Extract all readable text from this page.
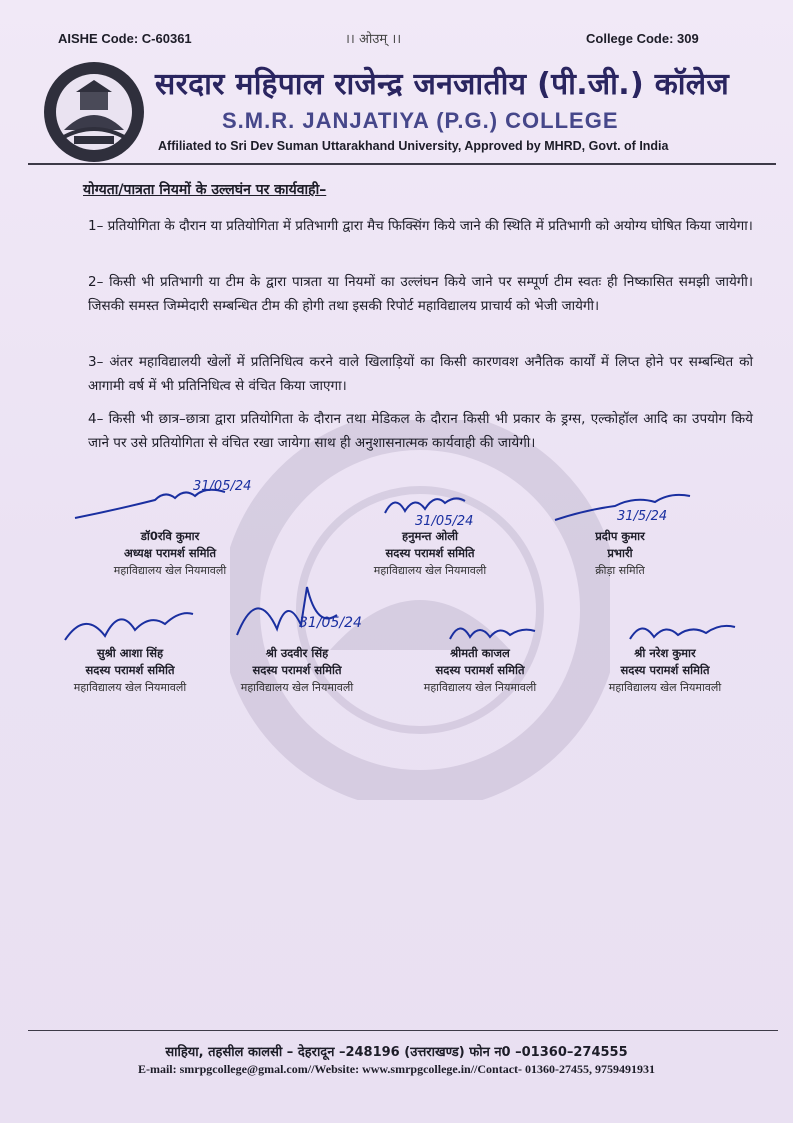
AISHE Code: C-60361	।। ओउम् ।।	College Code: 309
सरदार महिपाल राजेन्द्र जनजातीय (पी.जी.) कॉलेज
S.M.R. JANJATIYA (P.G.) COLLEGE
Affiliated to Sri Dev Suman Uttarakhand University, Approved by MHRD, Govt. of India
योग्यता/पात्रता नियमों के उल्लघंन पर कार्यवाही–
1– प्रतियोगिता के दौरान या प्रतियोगिता में प्रतिभागी द्वारा मैच फिक्सिंग किये जाने की स्थिति में प्रतिभागी को अयोग्य घोषित किया जायेगा।
2– किसी भी प्रतिभागी या टीम के द्वारा पात्रता या नियमों का उल्लंघन किये जाने पर सम्पूर्ण टीम स्वतः ही निष्कासित समझी जायेगी। जिसकी समस्त जिम्मेदारी सम्बन्धित टीम की होगी तथा इसकी रिपोर्ट महाविद्यालय प्राचार्य को भेजी जायेगी।
3– अंतर महाविद्यालयी खेलों में प्रतिनिधित्व करने वाले खिलाड़ियों का किसी कारणवश अनैतिक कार्यों में लिप्त होने पर सम्बन्धित को आगामी वर्ष में भी प्रतिनिधित्व से वंचित किया जाएगा।
4– किसी भी छात्र–छात्रा द्वारा प्रतियोगिता के दौरान तथा मेडिकल के दौरान किसी भी प्रकार के ड्रग्स, एल्कोहॉल आदि का उपयोग किये जाने पर उसे प्रतियोगिता से वंचित रखा जायेगा साथ ही अनुशासनात्मक कार्यवाही की जायेगी।
31/05/24
डॉ0रवि कुमार
अध्यक्ष परामर्श समिति
महाविद्यालय खेल नियमावली
31/05/24
हनुमन्त ओली
सदस्य परामर्श समिति
महाविद्यालय खेल नियमावली
31/5/24
प्रदीप कुमार
प्रभारी
क्रीड़ा समिति
सुश्री आशा सिंह
सदस्य परामर्श समिति
महाविद्यालय खेल नियमावली
31/05/24
श्री उदवीर सिंह
सदस्य परामर्श समिति
महाविद्यालय खेल नियमावली
श्रीमती काजल
सदस्य परामर्श समिति
महाविद्यालय खेल नियमावली
श्री नरेश कुमार
सदस्य परामर्श समिति
महाविद्यालय खेल नियमावली
साहिया, तहसील कालसी – देहरादून –248196 (उत्तराखण्ड) फोन न0 –01360–274555
E-mail: smrpgcollege@gmal.com//Website: www.smrpgcollege.in//Contact- 01360-27455, 9759491931
